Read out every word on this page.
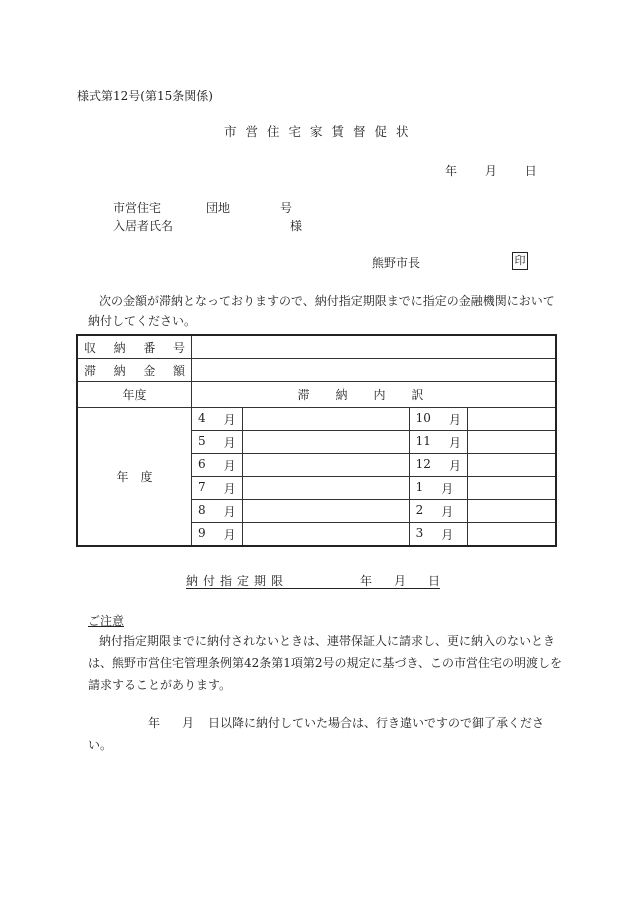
様式第12号(第15条関係)
市営住宅家賃督促状
年 月 日
市営住宅	団地	号
入居者氏名	様
熊野市長	印
次の金額が滞納となっておりますので、納付指定期限までに指定の金融機関において
納付してください。
収 納 番 号				

滞 納 金 額				

年度	滞納内訳			
年　度	4 月		10 月	

	5 月		11 月	

	6 月		12 月	

	7 月		1 月	

	8 月		2 月	

	9 月		3 月	

納付指定期限	年 月 日
ご注意
納付指定期限までに納付されないときは、連帯保証人に請求し、更に納入のないとき
は、熊野市営住宅管理条例第42条第1項第2号の規定に基づき、この市営住宅の明渡しを
請求することがあります。
年 月 日以降に納付していた場合は、行き違いですので御了承くださ
い。
